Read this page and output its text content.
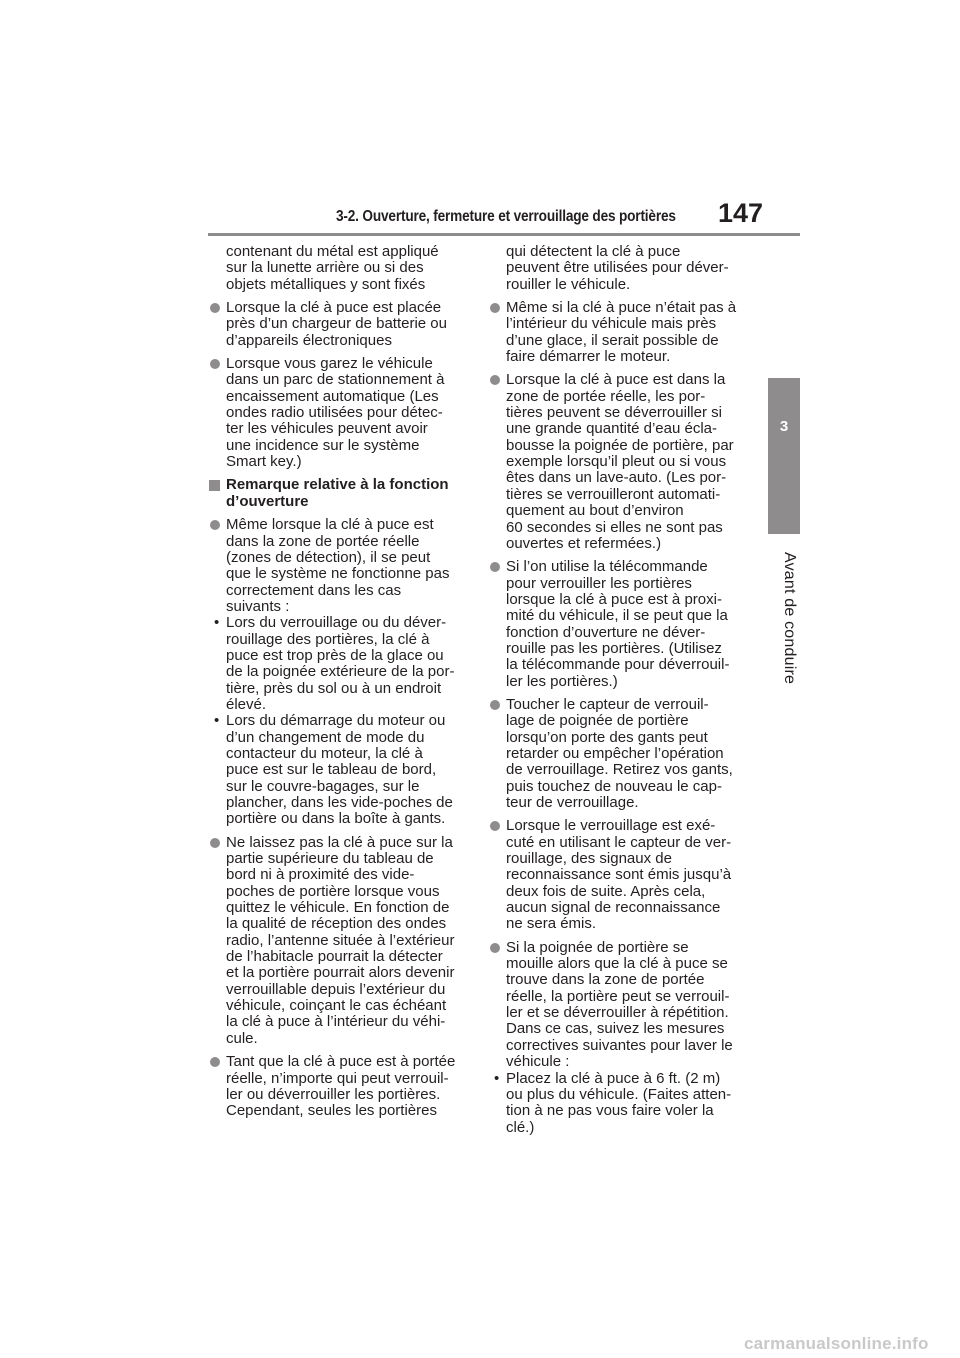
3-2. Ouverture, fermeture et verrouillage des portières 147
3
Avant de conduire
contenant du métal est appliqué
sur la lunette arrière ou si des
objets métalliques y sont fixés
Lorsque la clé à puce est placée
près d’un chargeur de batterie ou
d’appareils électroniques
Lorsque vous garez le véhicule
dans un parc de stationnement à
encaissement automatique (Les
ondes radio utilisées pour détec-
ter les véhicules peuvent avoir
une incidence sur le système
Smart key.)
Remarque relative à la fonction
d’ouverture
Même lorsque la clé à puce est
dans la zone de portée réelle
(zones de détection), il se peut
que le système ne fonctionne pas
correctement dans les cas
suivants :
• Lors du verrouillage ou du déver-
rouillage des portières, la clé à
puce est trop près de la glace ou
de la poignée extérieure de la por-
tière, près du sol ou à un endroit
élevé.
• Lors du démarrage du moteur ou
d’un changement de mode du
contacteur du moteur, la clé à
puce est sur le tableau de bord,
sur le couvre-bagages, sur le
plancher, dans les vide-poches de
portière ou dans la boîte à gants.
Ne laissez pas la clé à puce sur la
partie supérieure du tableau de
bord ni à proximité des vide-
poches de portière lorsque vous
quittez le véhicule. En fonction de
la qualité de réception des ondes
radio, l’antenne située à l’extérieur
de l’habitacle pourrait la détecter
et la portière pourrait alors devenir
verrouillable depuis l’extérieur du
véhicule, coinçant le cas échéant
la clé à puce à l’intérieur du véhi-
cule.
Tant que la clé à puce est à portée
réelle, n’importe qui peut verrouil-
ler ou déverrouiller les portières.
Cependant, seules les portières
qui détectent la clé à puce
peuvent être utilisées pour déver-
rouiller le véhicule.
Même si la clé à puce n’était pas à
l’intérieur du véhicule mais près
d’une glace, il serait possible de
faire démarrer le moteur.
Lorsque la clé à puce est dans la
zone de portée réelle, les por-
tières peuvent se déverrouiller si
une grande quantité d’eau écla-
bousse la poignée de portière, par
exemple lorsqu’il pleut ou si vous
êtes dans un lave-auto. (Les por-
tières se verrouilleront automati-
quement au bout d’environ
60 secondes si elles ne sont pas
ouvertes et refermées.)
Si l’on utilise la télécommande
pour verrouiller les portières
lorsque la clé à puce est à proxi-
mité du véhicule, il se peut que la
fonction d’ouverture ne déver-
rouille pas les portières. (Utilisez
la télécommande pour déverrouil-
ler les portières.)
Toucher le capteur de verrouil-
lage de poignée de portière
lorsqu’on porte des gants peut
retarder ou empêcher l’opération
de verrouillage. Retirez vos gants,
puis touchez de nouveau le cap-
teur de verrouillage.
Lorsque le verrouillage est exé-
cuté en utilisant le capteur de ver-
rouillage, des signaux de
reconnaissance sont émis jusqu’à
deux fois de suite. Après cela,
aucun signal de reconnaissance
ne sera émis.
Si la poignée de portière se
mouille alors que la clé à puce se
trouve dans la zone de portée
réelle, la portière peut se verrouil-
ler et se déverrouiller à répétition.
Dans ce cas, suivez les mesures
correctives suivantes pour laver le
véhicule :
• Placez la clé à puce à 6 ft. (2 m)
ou plus du véhicule. (Faites atten-
tion à ne pas vous faire voler la
clé.)
carmanualsonline.info
